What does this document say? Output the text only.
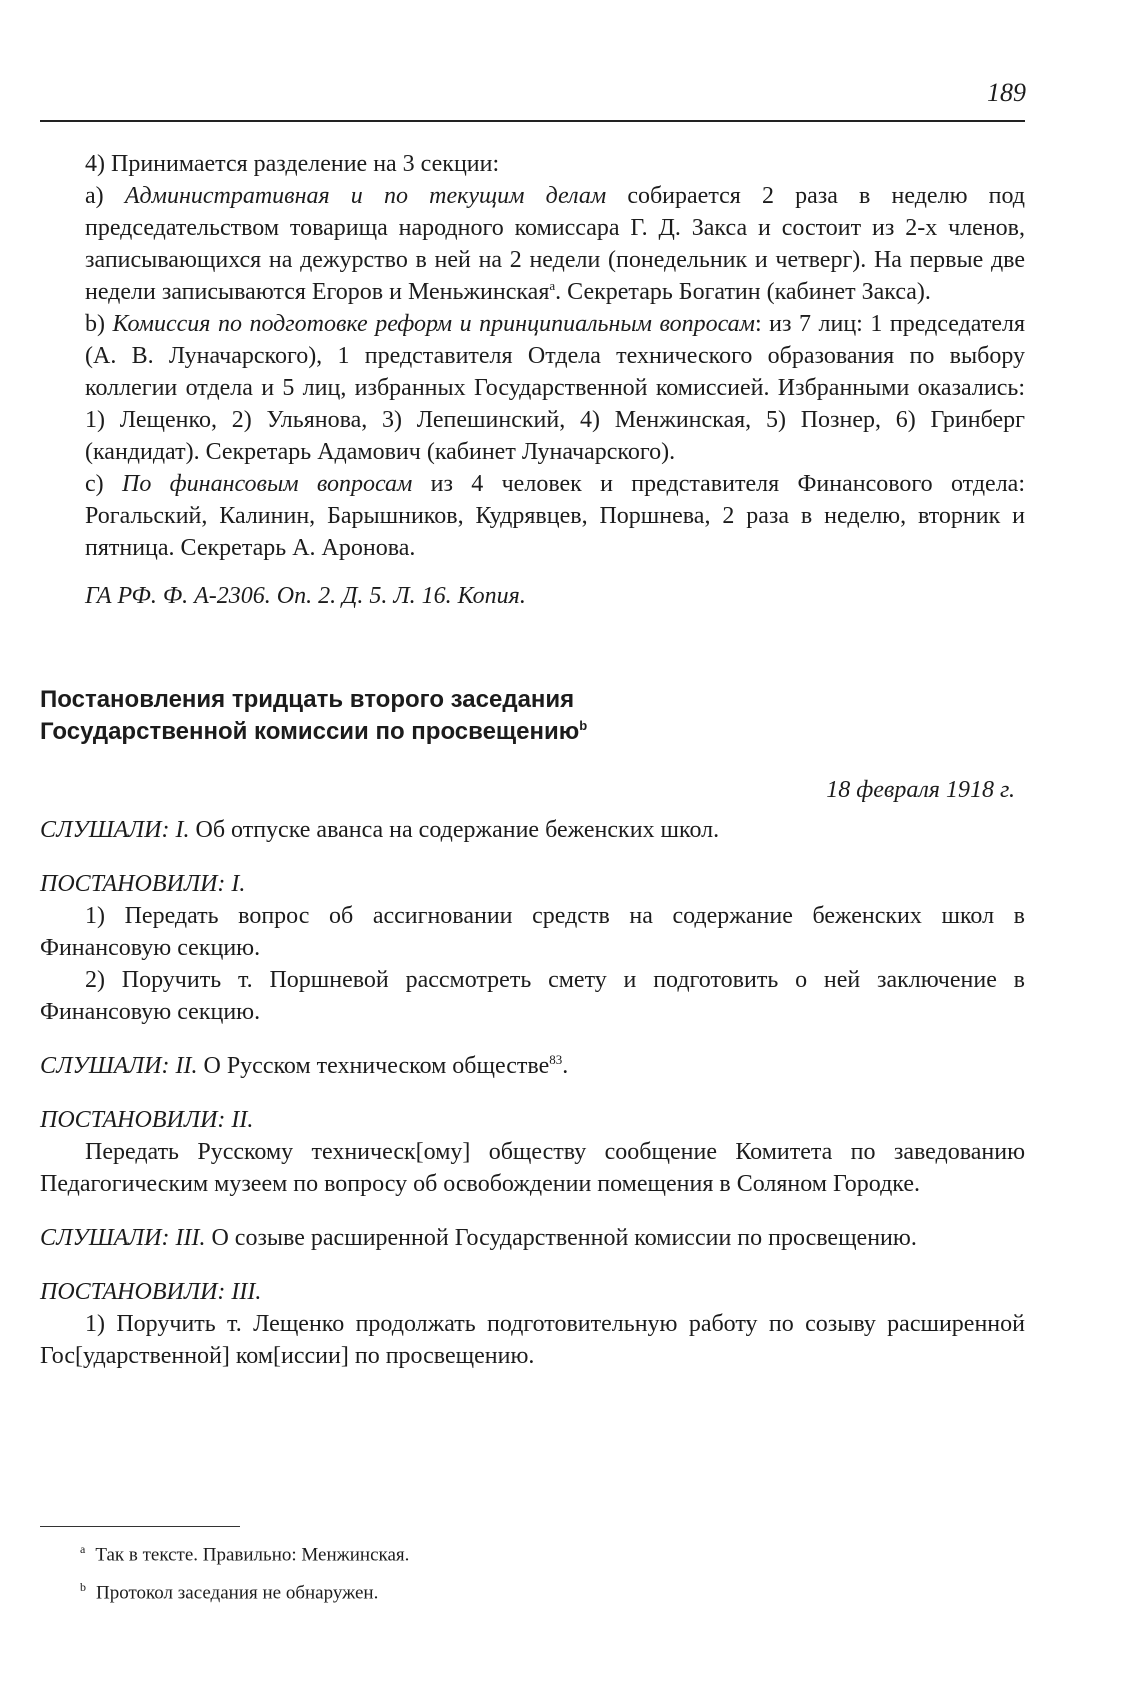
189

4) Принимается разделение на 3 секции:

a) Административная и по текущим делам собирается 2 раза в неделю под председательством товарища народного комиссара Г. Д. Закса и состоит из 2-х членов, записывающихся на дежурство в ней на 2 недели (понедельник и четверг). На первые две недели записываются Егоров и Меньжинская$^a$. Секретарь Богатин (кабинет Закса).

b) Комиссия по подготовке реформ и принципиальным вопросам: из 7 лиц: 1 председателя (А. В. Луначарского), 1 представителя Отдела технического образования по выбору коллегии отдела и 5 лиц, избранных Государственной комиссией. Избранными оказались: 1) Лещенко, 2) Ульянова, 3) Лепешинский, 4) Менжинская, 5) Познер, 6) Гринберг (кандидат). Секретарь Адамович (кабинет Луначарского).

c) По финансовым вопросам из 4 человек и представителя Финансового отдела: Рогальский, Калинин, Барышников, Кудрявцев, Поршнева, 2 раза в неделю, вторник и пятница. Секретарь А. Аронова.

ГА РФ. Ф. А-2306. Оп. 2. Д. 5. Л. 16. Копия.

Постановления тридцать второго заседания
Государственной комиссии по просвещению$^b$
18 февраля 1918 г.

СЛУШАЛИ: I. Об отпуске аванса на содержание беженских школ.

ПОСТАНОВИЛИ: I.

1) Передать вопрос об ассигновании средств на содержание беженских школ в Финансовую секцию.

2) Поручить т. Поршневой рассмотреть смету и подготовить о ней заключение в Финансовую секцию.

СЛУШАЛИ: II. О Русском техническом обществе$^{83}$.

ПОСТАНОВИЛИ: II.

Передать Русскому техническ[ому] обществу сообщение Комитета по заведованию Педагогическим музеем по вопросу об освобождении помещения в Соляном Городке.

СЛУШАЛИ: III. О созыве расширенной Государственной комиссии по просвещению.

ПОСТАНОВИЛИ: III.

1) Поручить т. Лещенко продолжать подготовительную работу по созыву расширенной Гос[ударственной] ком[иссии] по просвещению.

$^a$ Так в тексте. Правильно: Менжинская.

$^b$ Протокол заседания не обнаружен.
